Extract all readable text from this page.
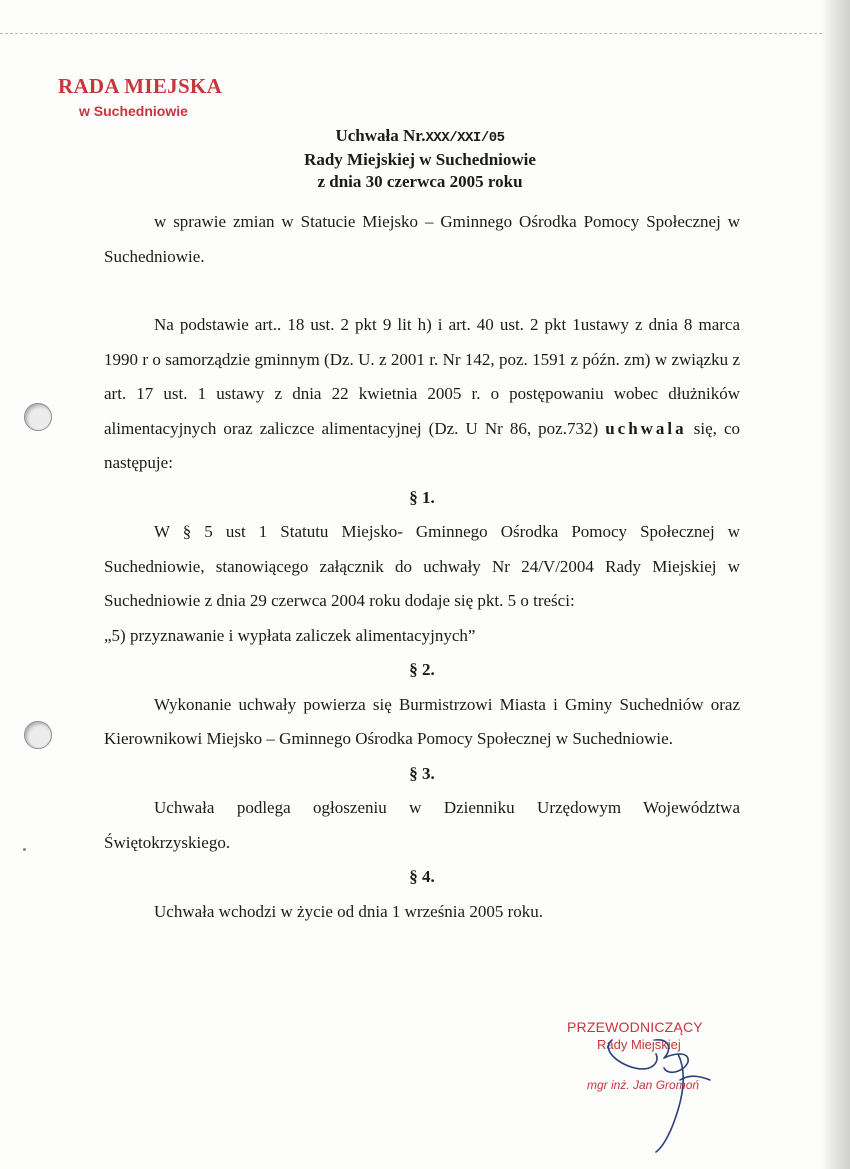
RADA MIEJSKA
w Suchedniowie
Uchwała Nr.XXX/XXI/05
Rady Miejskiej w Suchedniowie
z dnia 30 czerwca 2005 roku

w sprawie zmian w Statucie Miejsko – Gminnego Ośrodka Pomocy Społecznej w Suchedniowie.

Na podstawie art.. 18 ust. 2 pkt 9 lit h) i art. 40 ust. 2 pkt 1ustawy z dnia 8 marca 1990 r o samorządzie gminnym (Dz. U. z 2001 r. Nr 142, poz. 1591 z późn. zm) w związku z art. 17 ust. 1 ustawy z dnia 22 kwietnia 2005 r. o postępowaniu wobec dłużników alimentacyjnych oraz zaliczce alimentacyjnej (Dz. U Nr 86, poz.732) uchwala się, co następuje:

§ 1.

W § 5 ust 1 Statutu Miejsko- Gminnego Ośrodka Pomocy Społecznej w Suchedniowie, stanowiącego załącznik do uchwały Nr 24/V/2004 Rady Miejskiej w Suchedniowie z dnia 29 czerwca 2004 roku dodaje się pkt. 5 o treści:

„5) przyznawanie i wypłata zaliczek alimentacyjnych”

§ 2.

Wykonanie uchwały powierza się Burmistrzowi Miasta i Gminy Suchedniów oraz Kierownikowi Miejsko – Gminnego Ośrodka Pomocy Społecznej w Suchedniowie.

§ 3.

Uchwała podlega ogłoszeniu w Dzienniku Urzędowym Województwa Świętokrzyskiego.

§ 4.

Uchwała wchodzi w życie od dnia 1 września 2005 roku.

PRZEWODNICZĄCY
Rady Miejskiej
mgr inż. Jan Gromoń
